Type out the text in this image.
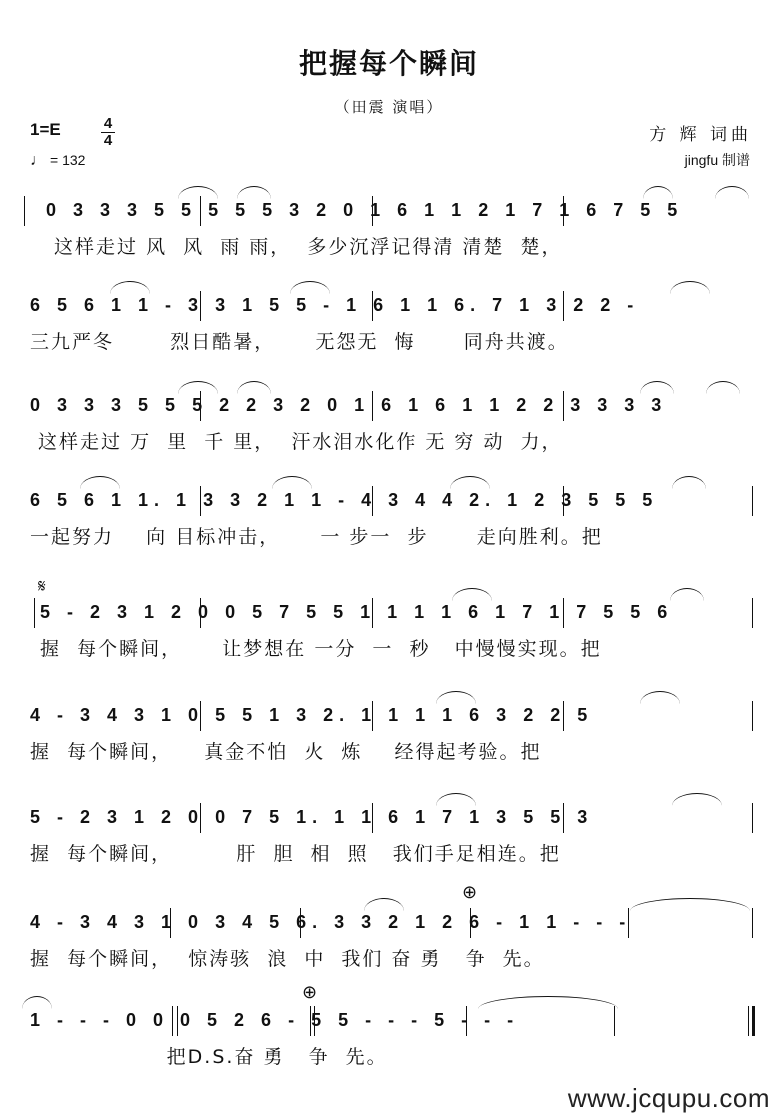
把握每个瞬间
（田震 演唱）
1=E	4
4
♩ = 132
方 辉 词曲
jingfu 制谱
𝄋
0 3 3 3 5 5 5 5 5 3 2 0 1 6 1 1 2 1 7 1 6 7 5 5
这样走过 风  风  雨 雨，  多少沉浮记得清 清楚  楚，
6 5 6 1 1 - 3 3 1 5 5 - 1 6 1 1 6. 7 1 3 2 2 -
三九严冬       烈日酷暑，     无怨无  悔      同舟共渡。
0 3 3 3 5 5 5 2 2 3 2 0 1 6 1 6 1 1 2 2 3 3 3 3
这样走过 万  里  千 里，  汗水泪水化作 无 穷 动  力，
6 5 6 1 1. 1 3 3 2 1 1 - 4 3 4 4 2. 1 2 3 5 5 5
一起努力    向 目标冲击，     一 步一  步      走向胜利。把
5 - 2 3 1 2 0 0 5 7 5 5 1 1 1 1 6 1 7 1 7 5 5 6
握  每个瞬间，     让梦想在 一分  一  秒   中慢慢实现。把
4 - 3 4 3 1 0 5 5 1 3 2. 1 1 1 1 6 3 2 2 5
握  每个瞬间，    真金不怕  火  炼    经得起考验。把
5 - 2 3 1 2 0 0 7 5 1. 1 1 6 1 7 1 3 5 5 3
握  每个瞬间，        肝  胆  相  照   我们手足相连。把
⊕
4 - 3 4 3 1 0 3 4 5 6. 3 3 2 1 2 6 - 1 1 - - -
握  每个瞬间，  惊涛骇  浪  中  我们 奋 勇   争  先。
⊕
1 - - - 0 0 0 5 2 6 - 5 5 - - - 5 - - -
把D.S.奋 勇   争  先。
www.jcqupu.com
